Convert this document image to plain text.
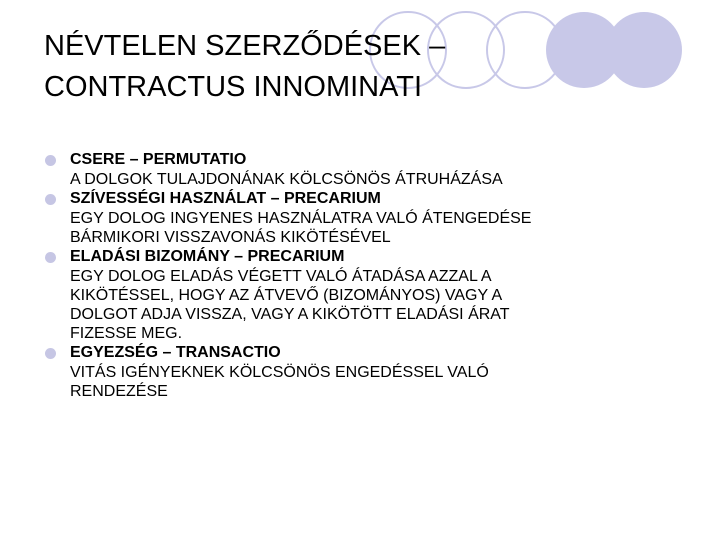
NÉVTELEN SZERZŐDÉSEK –
CONTRACTUS INNOMINATI
CSERE – PERMUTATIO
A DOLGOK TULAJDONÁNAK KÖLCSÖNÖS ÁTRUHÁZÁSA
SZÍVESSÉGI HASZNÁLAT – PRECARIUM
EGY DOLOG INGYENES HASZNÁLATRA VALÓ ÁTENGEDÉSE
BÁRMIKORI VISSZAVONÁS KIKÖTÉSÉVEL
ELADÁSI BIZOMÁNY – PRECARIUM
EGY DOLOG ELADÁS VÉGETT VALÓ ÁTADÁSA AZZAL A
KIKÖTÉSSEL, HOGY AZ ÁTVEVŐ (BIZOMÁNYOS) VAGY A
DOLGOT ADJA VISSZA, VAGY A KIKÖTÖTT ELADÁSI ÁRAT
FIZESSE MEG.
EGYEZSÉG – TRANSACTIO
VITÁS IGÉNYEKNEK KÖLCSÖNÖS ENGEDÉSSEL VALÓ
RENDEZÉSE
